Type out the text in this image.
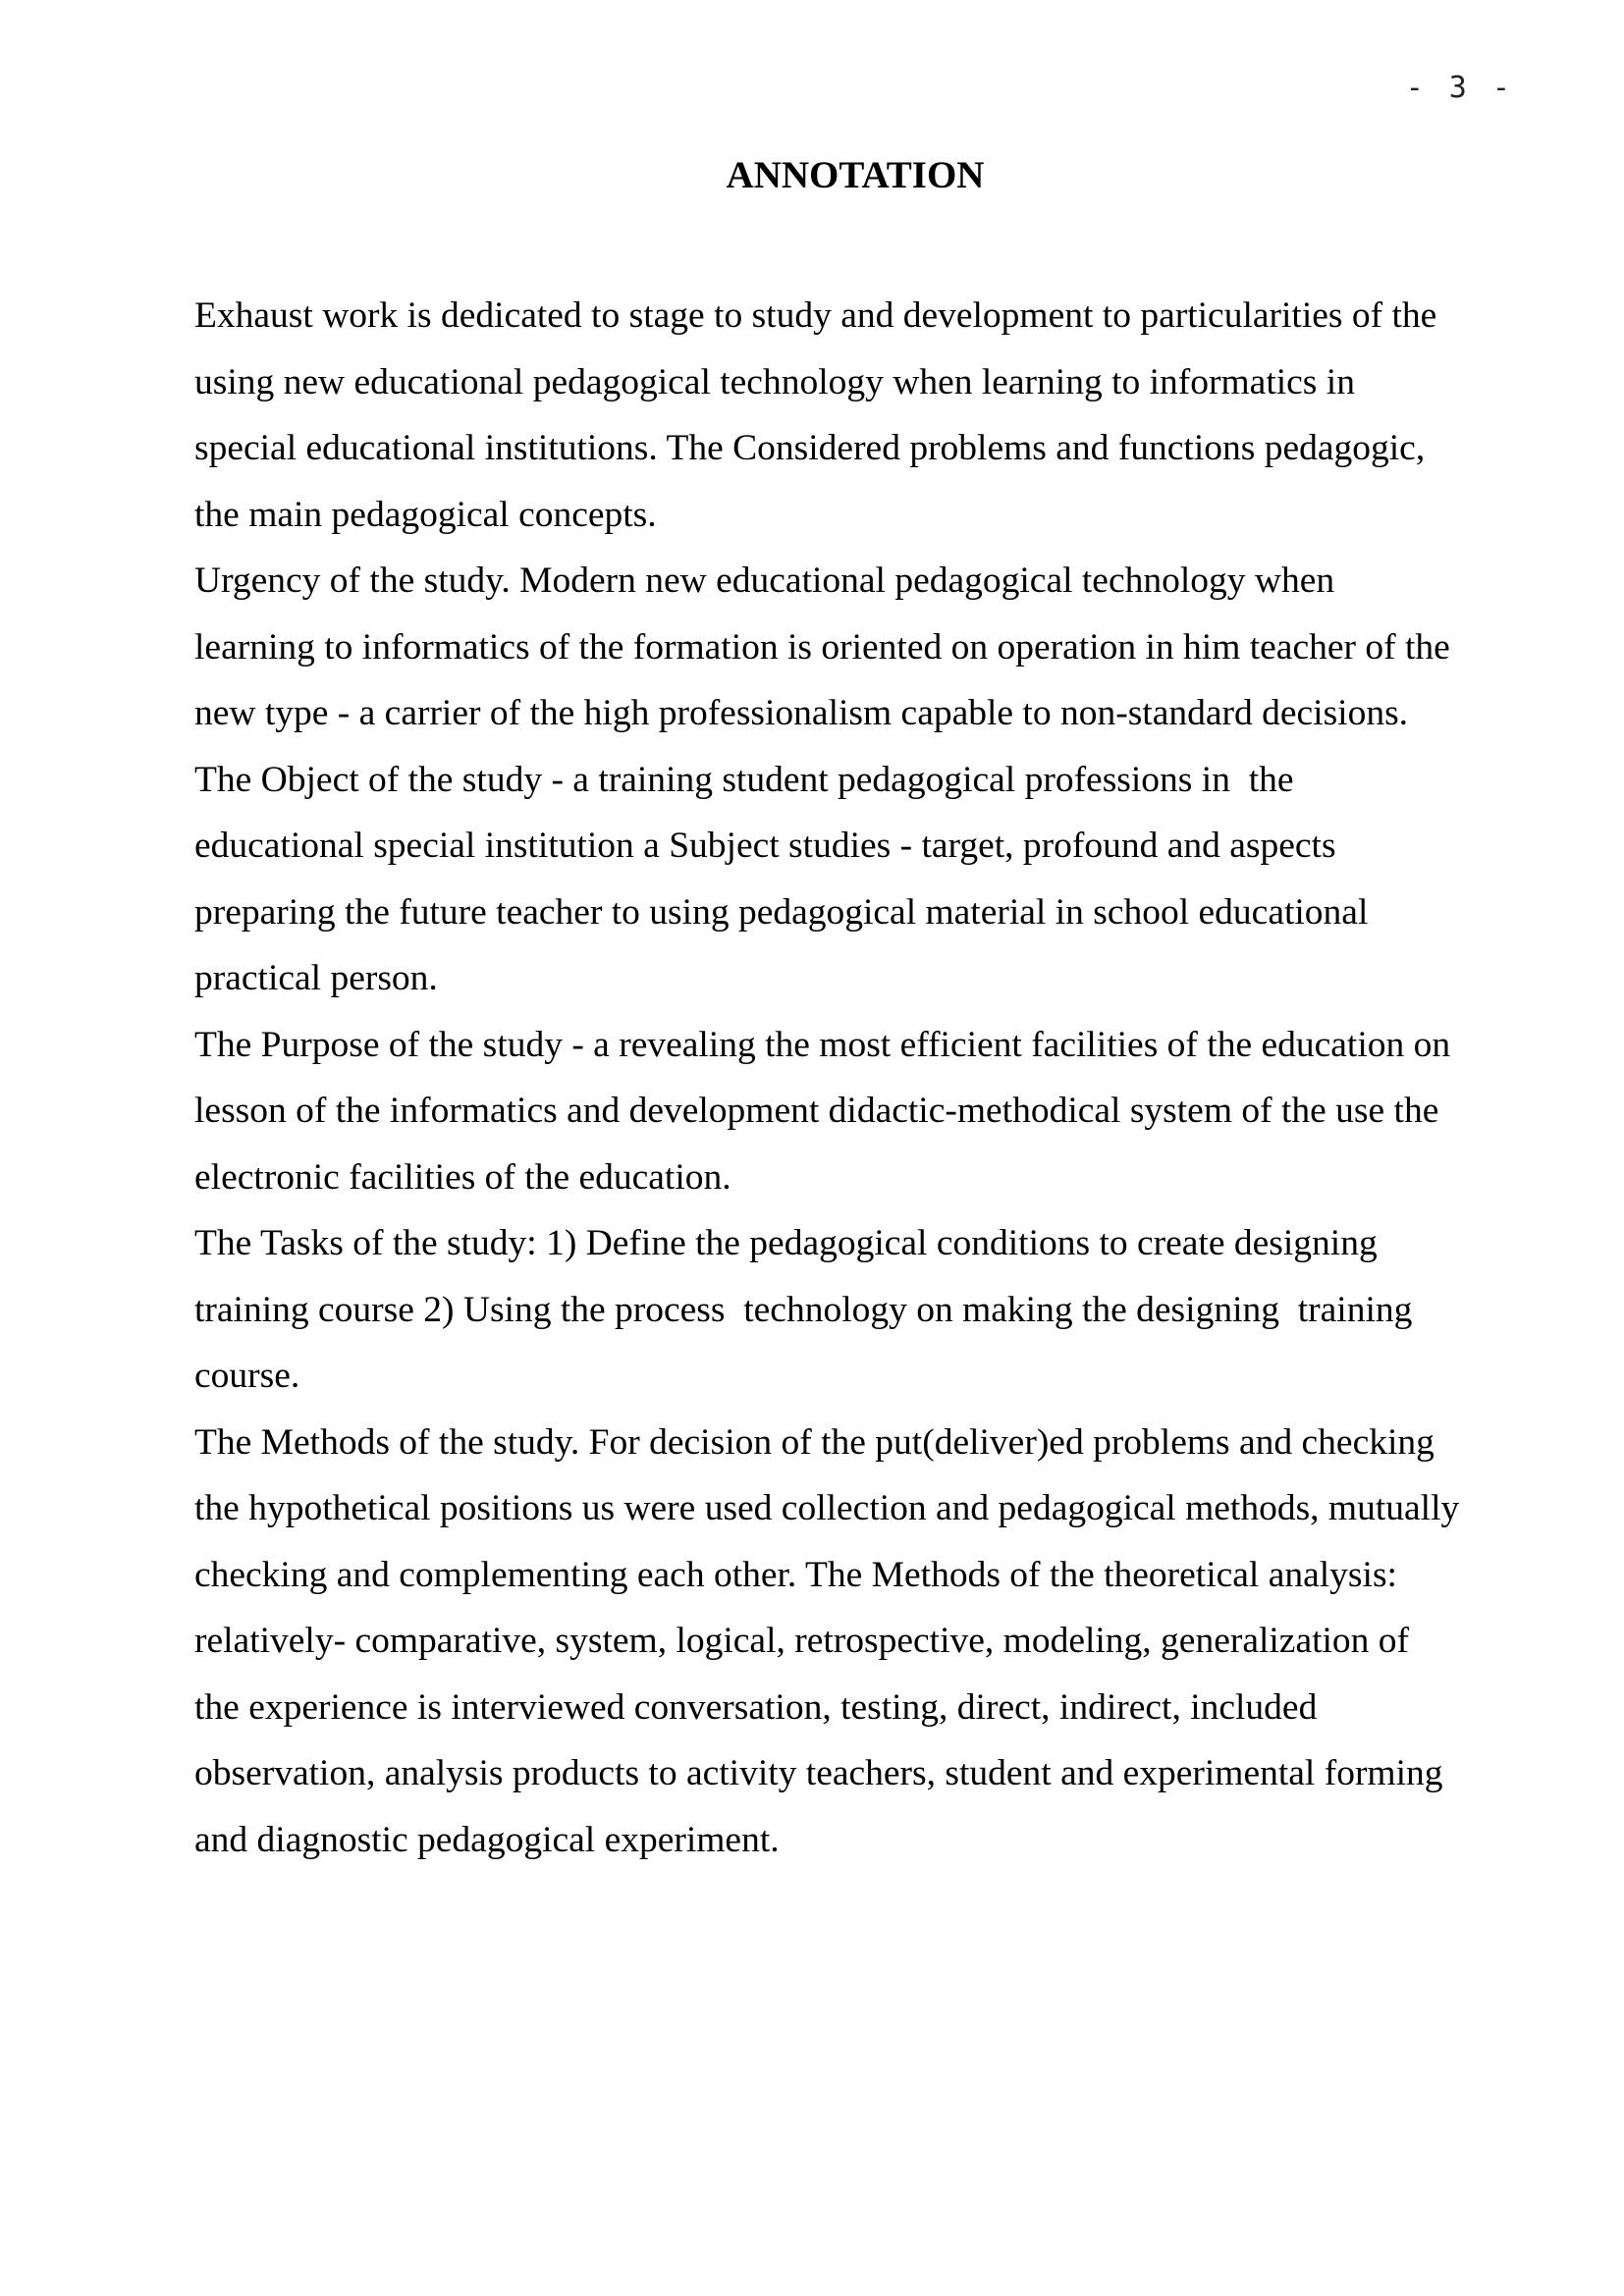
- 3 -
ANNOTATION
Exhaust work is dedicated to stage to study and development to particularities of the
using new educational pedagogical technology when learning to informatics in
special educational institutions. The Considered problems and functions pedagogic,
the main pedagogical concepts.
Urgency of the study. Modern new educational pedagogical technology when
learning to informatics of the formation is oriented on operation in him teacher of the
new type - a carrier of the high professionalism capable to non-standard decisions.
The Object of the study - a training student pedagogical professions in  the
educational special institution a Subject studies - target, profound and aspects
preparing the future teacher to using pedagogical material in school educational
practical person.
The Purpose of the study - a revealing the most efficient facilities of the education on
lesson of the informatics and development didactic-methodical system of the use the
electronic facilities of the education.
The Tasks of the study: 1) Define the pedagogical conditions to create designing
training course 2) Using the process  technology on making the designing  training
course.
The Methods of the study. For decision of the put(deliver)ed problems and checking
the hypothetical positions us were used collection and pedagogical methods, mutually
checking and complementing each other. The Methods of the theoretical analysis:
relatively- comparative, system, logical, retrospective, modeling, generalization of
the experience is interviewed conversation, testing, direct, indirect, included
observation, analysis products to activity teachers, student and experimental forming
and diagnostic pedagogical experiment.
